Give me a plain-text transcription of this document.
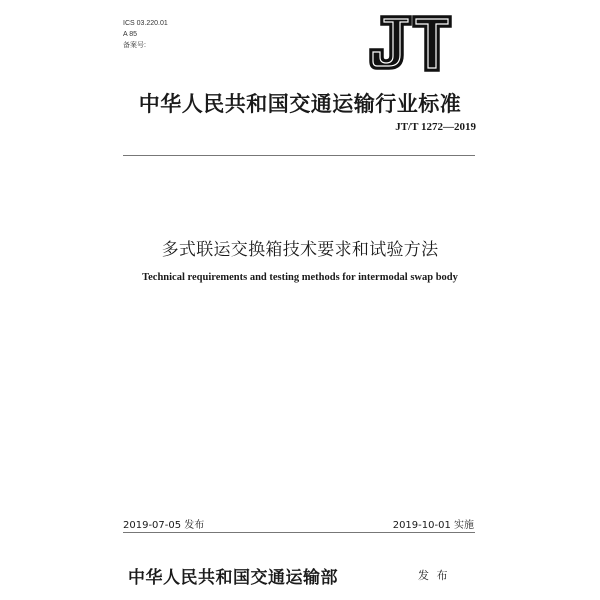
ICS 03.220.01
A 85
备案号:
中华人民共和国交通运输行业标准
JT/T 1272—2019
多式联运交换箱技术要求和试验方法
Technical requirements and testing methods for intermodal swap body
2019-07-05 发布	2019-10-01 实施
中华人民共和国交通运输部	发 布
